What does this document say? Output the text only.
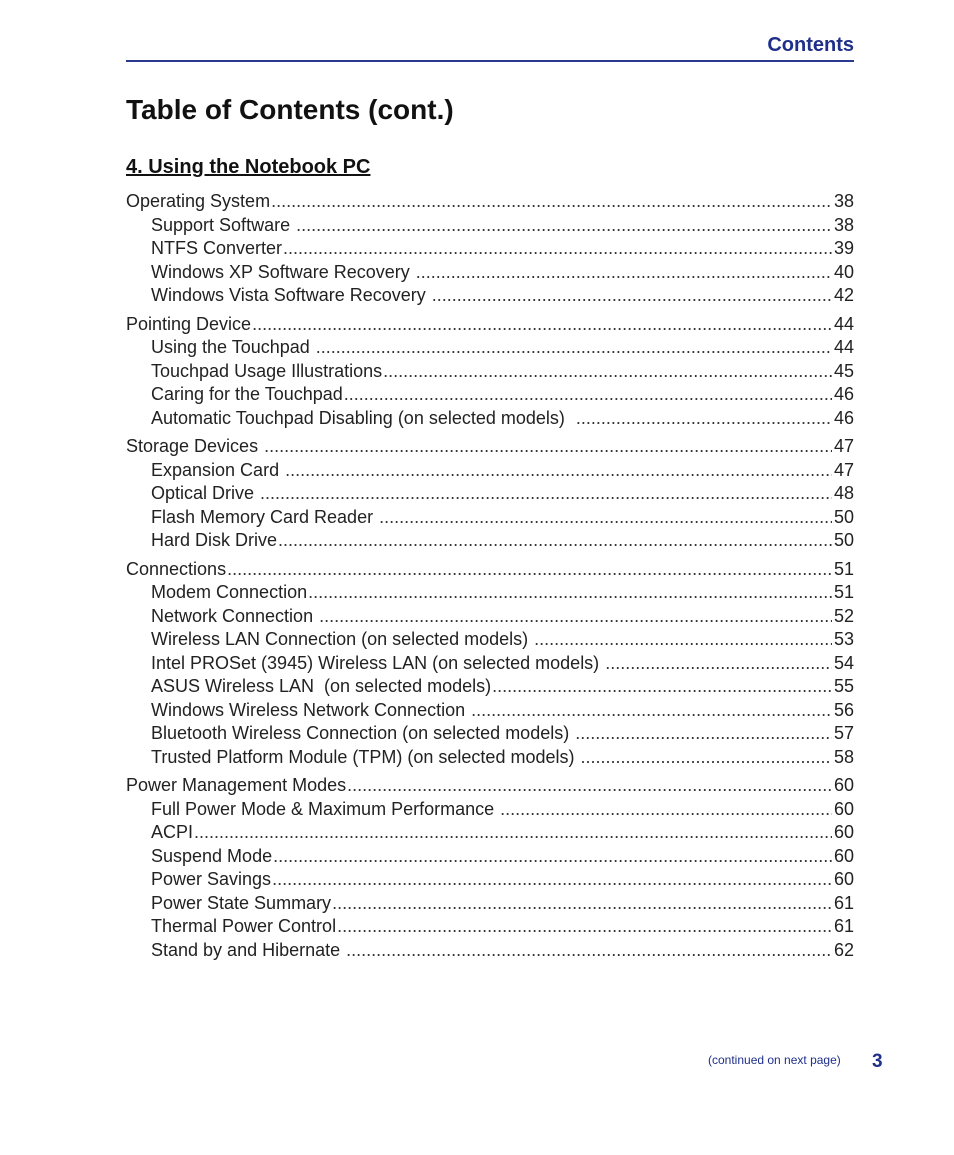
Contents
Table of Contents (cont.)
4. Using the Notebook PC
Operating System .....	38
Support Software .....	38
NTFS Converter .....	39
Windows XP Software Recovery .....	40
Windows Vista Software Recovery .....	42
Pointing Device .....	44
Using the Touchpad .....	44
Touchpad Usage Illustrations .....	45
Caring for the Touchpad .....	46
Automatic Touchpad Disabling (on selected models) .....	46
Storage Devices .....	47
Expansion Card .....	47
Optical Drive .....	48
Flash Memory Card Reader .....	50
Hard Disk Drive .....	50
Connections .....	51
Modem Connection .....	51
Network Connection .....	52
Wireless LAN Connection (on selected models) .....	53
Intel PROSet (3945) Wireless LAN (on selected models) .....	54
ASUS Wireless LAN  (on selected models) .....	55
Windows Wireless Network Connection .....	56
Bluetooth Wireless Connection (on selected models) .....	57
Trusted Platform Module (TPM) (on selected models) .....	58
Power Management Modes .....	60
Full Power Mode & Maximum Performance .....	60
ACPI .....	60
Suspend Mode .....	60
Power Savings .....	60
Power State Summary .....	61
Thermal Power Control .....	61
Stand by and Hibernate .....	62
(continued on next page) 3
